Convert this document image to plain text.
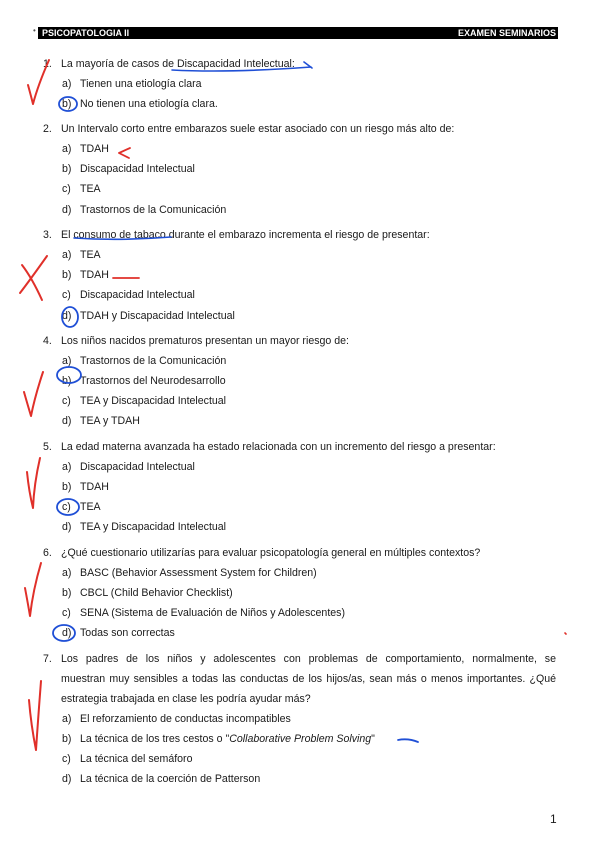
PSICOPATOLOGIA II	EXAMEN SEMINARIOS
•
1. La mayoría de casos de Discapacidad Intelectual:
a) Tienen una etiología clara
b) No tienen una etiología clara.
2. Un Intervalo corto entre embarazos suele estar asociado con un riesgo más alto de:
a) TDAH
b) Discapacidad Intelectual
c) TEA
d) Trastornos de la Comunicación
3. El consumo de tabaco durante el embarazo incrementa el riesgo de presentar:
a) TEA
b) TDAH
c) Discapacidad Intelectual
d) TDAH y Discapacidad Intelectual
4. Los niños nacidos prematuros presentan un mayor riesgo de:
a) Trastornos de la Comunicación
b) Trastornos del Neurodesarrollo
c) TEA y Discapacidad Intelectual
d) TEA y TDAH
5. La edad materna avanzada ha estado relacionada con un incremento del riesgo a presentar:
a) Discapacidad Intelectual
b) TDAH
c) TEA
d) TEA y Discapacidad Intelectual
6. ¿Qué cuestionario utilizarías para evaluar psicopatología general en múltiples contextos?
a) BASC (Behavior Assessment System for Children)
b) CBCL (Child Behavior Checklist)
c) SENA (Sistema de Evaluación de Niños y Adolescentes)
d) Todas son correctas
7. Los padres de los niños y adolescentes con problemas de comportamiento, normalmente, se
muestran muy sensibles a todas las conductas de los hijos/as, sean más o menos importantes. ¿Qué
estrategia trabajada en clase les podría ayudar más?
a) El reforzamiento de conductas incompatibles
b) La técnica de los tres cestos o "Collaborative Problem Solving"
c) La técnica del semáforo
d) La técnica de la coerción de Patterson
1
